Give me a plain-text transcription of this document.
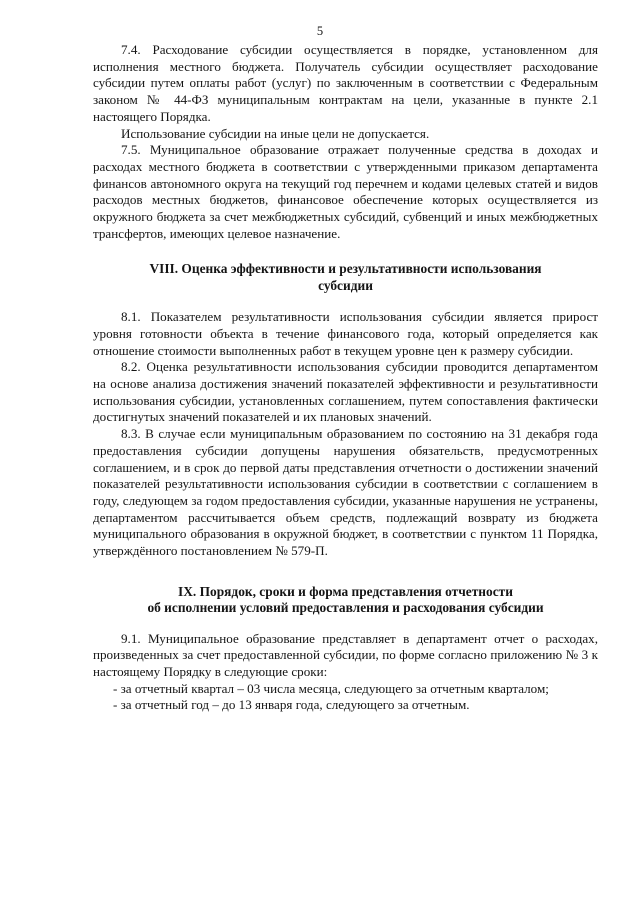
5

7.4. Расходование субсидии осуществляется в порядке, установленном для исполнения местного бюджета. Получатель субсидии осуществляет расходование субсидии путем оплаты работ (услуг) по заключенным в соответствии с Федеральным законом № 44-ФЗ муниципальным контрактам на цели, указанные в пункте 2.1 настоящего Порядка.

Использование субсидии на иные цели не допускается.

7.5. Муниципальное образование отражает полученные средства в доходах и расходах местного бюджета в соответствии с утвержденными приказом департамента финансов автономного округа на текущий год перечнем и кодами целевых статей и видов расходов местных бюджетов, финансовое обеспечение которых осуществляется из окружного бюджета за счет межбюджетных субсидий, субвенций и иных межбюджетных трансфертов, имеющих целевое назначение.

VIII. Оценка эффективности и результативности использования
субсидии

8.1. Показателем результативности использования субсидии является прирост уровня готовности объекта в течение финансового года, который определяется как отношение стоимости выполненных работ в текущем уровне цен к размеру субсидии.

8.2. Оценка результативности использования субсидии проводится департаментом на основе анализа достижения значений показателей эффективности и результативности использования субсидии, установленных соглашением, путем сопоставления фактически достигнутых значений показателей и их плановых значений.

8.3. В случае если муниципальным образованием по состоянию на 31 декабря года предоставления субсидии допущены нарушения обязательств, предусмотренных соглашением, и в срок до первой даты представления отчетности о достижении значений показателей результативности использования субсидии в соответствии с соглашением в году, следующем за годом предоставления субсидии, указанные нарушения не устранены, департаментом рассчитывается объем средств, подлежащий возврату из бюджета муниципального образования в окружной бюджет, в соответствии с пунктом 11 Порядка, утверждённого постановлением № 579-П.

IX. Порядок, сроки и форма представления отчетности
об исполнении условий предоставления и расходования субсидии

9.1. Муниципальное образование представляет в департамент отчет о расходах, произведенных за счет предоставленной субсидии, по форме согласно приложению № 3 к настоящему Порядку в следующие сроки:

- за отчетный квартал – 03 числа месяца, следующего за отчетным кварталом;

- за отчетный год – до 13 января года, следующего за отчетным.
